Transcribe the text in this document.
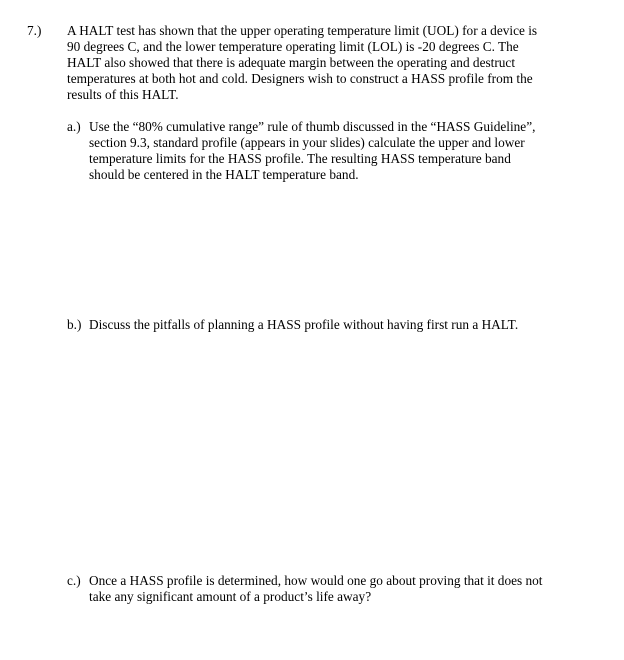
7.) A HALT test has shown that the upper operating temperature limit (UOL) for a device is
90 degrees C, and the lower temperature operating limit (LOL) is -20 degrees C. The
HALT also showed that there is adequate margin between the operating and destruct
temperatures at both hot and cold. Designers wish to construct a HASS profile from the
results of this HALT.
a.) Use the “80% cumulative range” rule of thumb discussed in the “HASS Guideline”,
section 9.3, standard profile (appears in your slides) calculate the upper and lower
temperature limits for the HASS profile. The resulting HASS temperature band
should be centered in the HALT temperature band.
b.) Discuss the pitfalls of planning a HASS profile without having first run a HALT.
c.) Once a HASS profile is determined, how would one go about proving that it does not
take any significant amount of a product’s life away?
